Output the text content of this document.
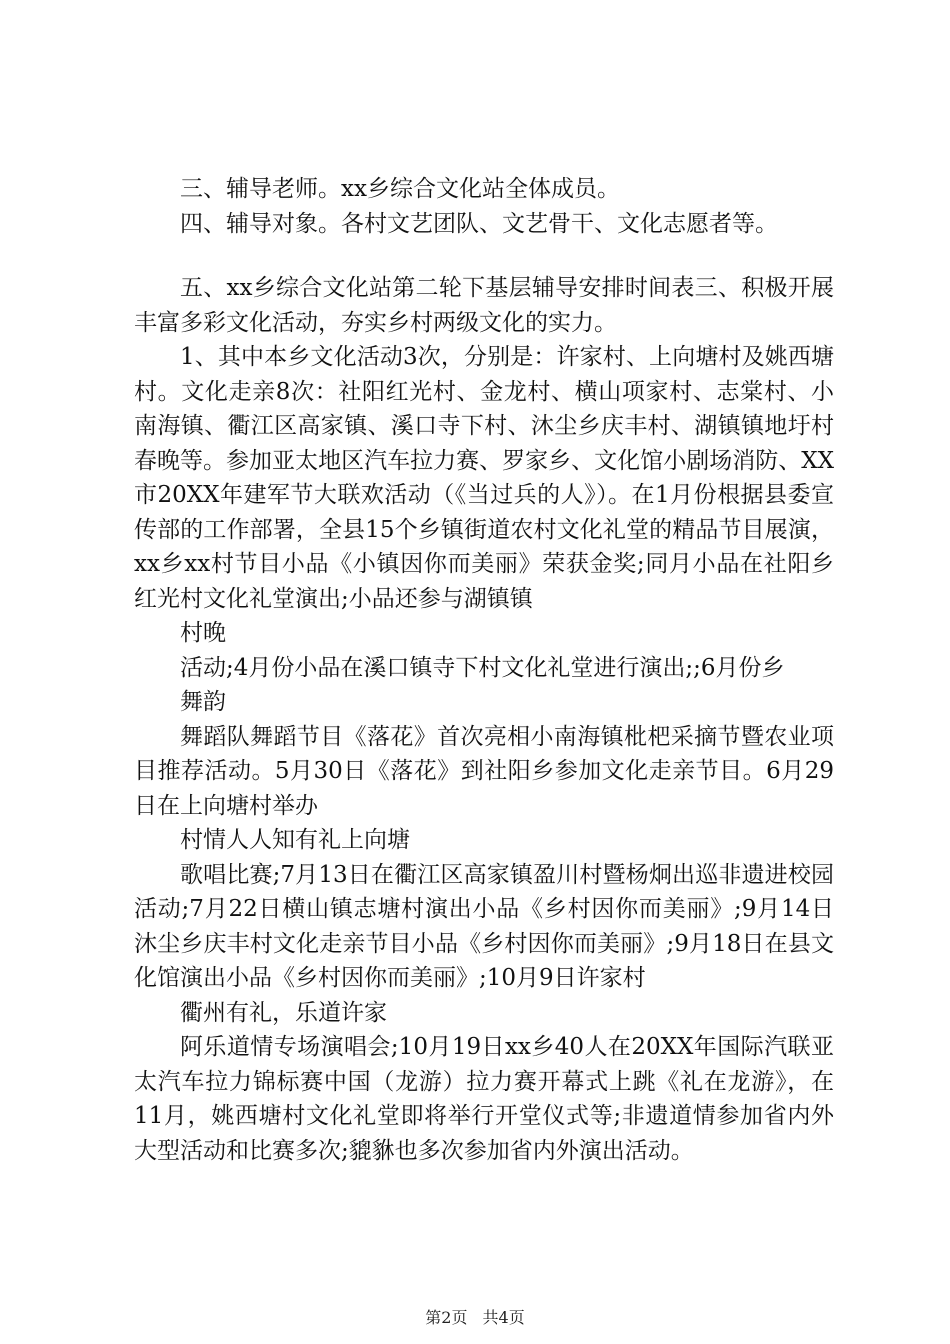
三、辅导老师。xx乡综合文化站全体成员。

四、辅导对象。各村文艺团队、文艺骨干、文化志愿者等。

五、xx乡综合文化站第二轮下基层辅导安排时间表三、积极开展丰富多彩文化活动，夯实乡村两级文化的实力。

1、其中本乡文化活动3次，分别是：许家村、上向塘村及姚西塘村。文化走亲8次：社阳红光村、金龙村、横山项家村、志棠村、小南海镇、衢江区高家镇、溪口寺下村、沐尘乡庆丰村、湖镇镇地圩村春晚等。参加亚太地区汽车拉力赛、罗家乡、文化馆小剧场消防、XX市20XX年建军节大联欢活动（《当过兵的人》）。在1月份根据县委宣传部的工作部署，全县15个乡镇街道农村文化礼堂的精品节目展演，xx乡xx村节目小品《小镇因你而美丽》荣获金奖;同月小品在社阳乡红光村文化礼堂演出;小品还参与湖镇镇

村晚

活动;4月份小品在溪口镇寺下村文化礼堂进行演出;;6月份乡

舞韵

舞蹈队舞蹈节目《落花》首次亮相小南海镇枇杷采摘节暨农业项目推荐活动。5月30日《落花》到社阳乡参加文化走亲节目。6月29日在上向塘村举办

村情人人知有礼上向塘

歌唱比赛;7月13日在衢江区高家镇盈川村暨杨炯出巡非遗进校园活动;7月22日横山镇志塘村演出小品《乡村因你而美丽》;9月14日沐尘乡庆丰村文化走亲节目小品《乡村因你而美丽》;9月18日在县文化馆演出小品《乡村因你而美丽》;10月9日许家村

衢州有礼，乐道许家

阿乐道情专场演唱会;10月19日xx乡40人在20XX年国际汽联亚太汽车拉力锦标赛中国（龙游）拉力赛开幕式上跳《礼在龙游》，在11月，姚西塘村文化礼堂即将举行开堂仪式等;非遗道情参加省内外大型活动和比赛多次;貔貅也多次参加省内外演出活动。

第2页 共4页
